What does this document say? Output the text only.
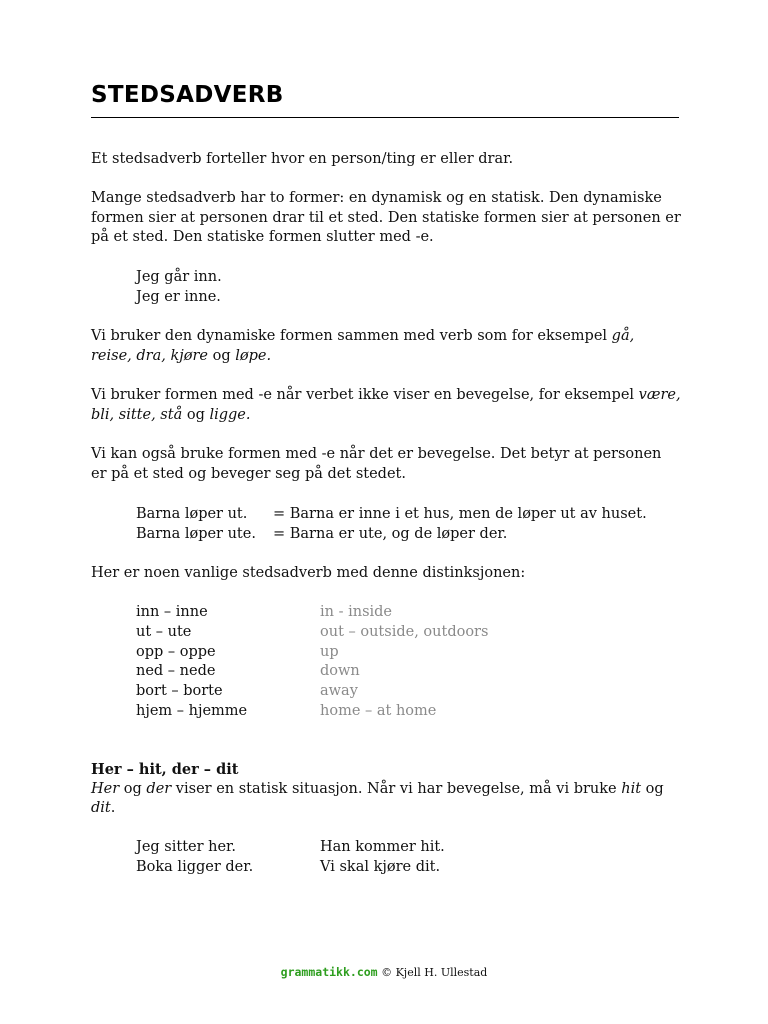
STEDSADVERB
Et stedsadverb forteller hvor en person/ting er eller drar.
Mange stedsadverb har to former: en dynamisk og en statisk. Den dynamiske
formen sier at personen drar til et sted. Den statiske formen sier at personen er
på et sted. Den statiske formen slutter med -e.
Jeg går inn.
Jeg er inne.
Vi bruker den dynamiske formen sammen med verb som for eksempel gå,
reise, dra, kjøre og løpe.
Vi bruker formen med -e når verbet ikke viser en bevegelse, for eksempel være,
bli, sitte, stå og ligge.
Vi kan også bruke formen med -e når det er bevegelse. Det betyr at personen
er på et sted og beveger seg på det stedet.
Barna løper ut. = Barna er inne i et hus, men de løper ut av huset.
Barna løper ute. = Barna er ute, og de løper der.
Her er noen vanlige stedsadverb med denne distinksjonen:
inn – inne	in - inside
ut – ute	out – outside, outdoors
opp – oppe	up
ned – nede	down
bort – borte	away
hjem – hjemme	home – at home
Her – hit, der – dit
Her og der viser en statisk situasjon. Når vi har bevegelse, må vi bruke hit og
dit.
Jeg sitter her.	Han kommer hit.
Boka ligger der.	Vi skal kjøre dit.
grammatikk.com © Kjell H. Ullestad
